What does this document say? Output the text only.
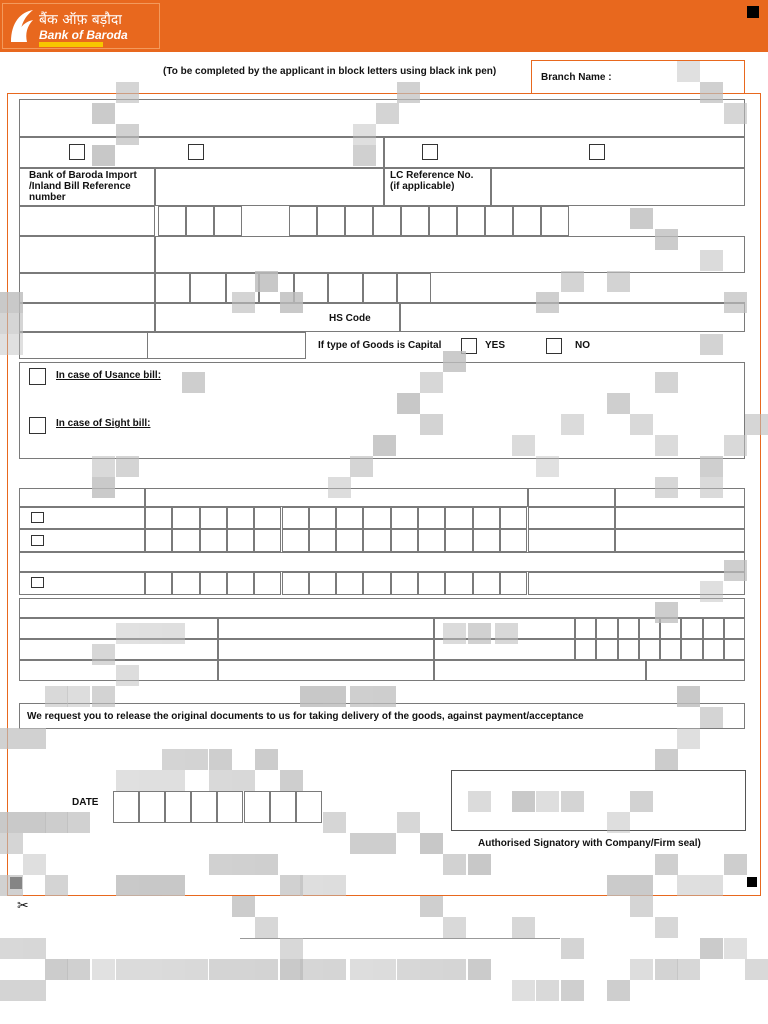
बैंक ऑफ़ बड़ौदा
Bank of Baroda
(To be completed by the applicant in block letters using black ink pen)
Branch Name :
Bank of Baroda Import
/Inland Bill Reference
number
LC Reference No.
(if applicable)
HS Code
If type of Goods is Capital	YES	NO
In case of Usance bill:
In case of Sight bill:
We request you to release the original documents to us for taking delivery of the goods, against payment/acceptance
DATE
Authorised Signatory with Company/Firm seal)
✂
